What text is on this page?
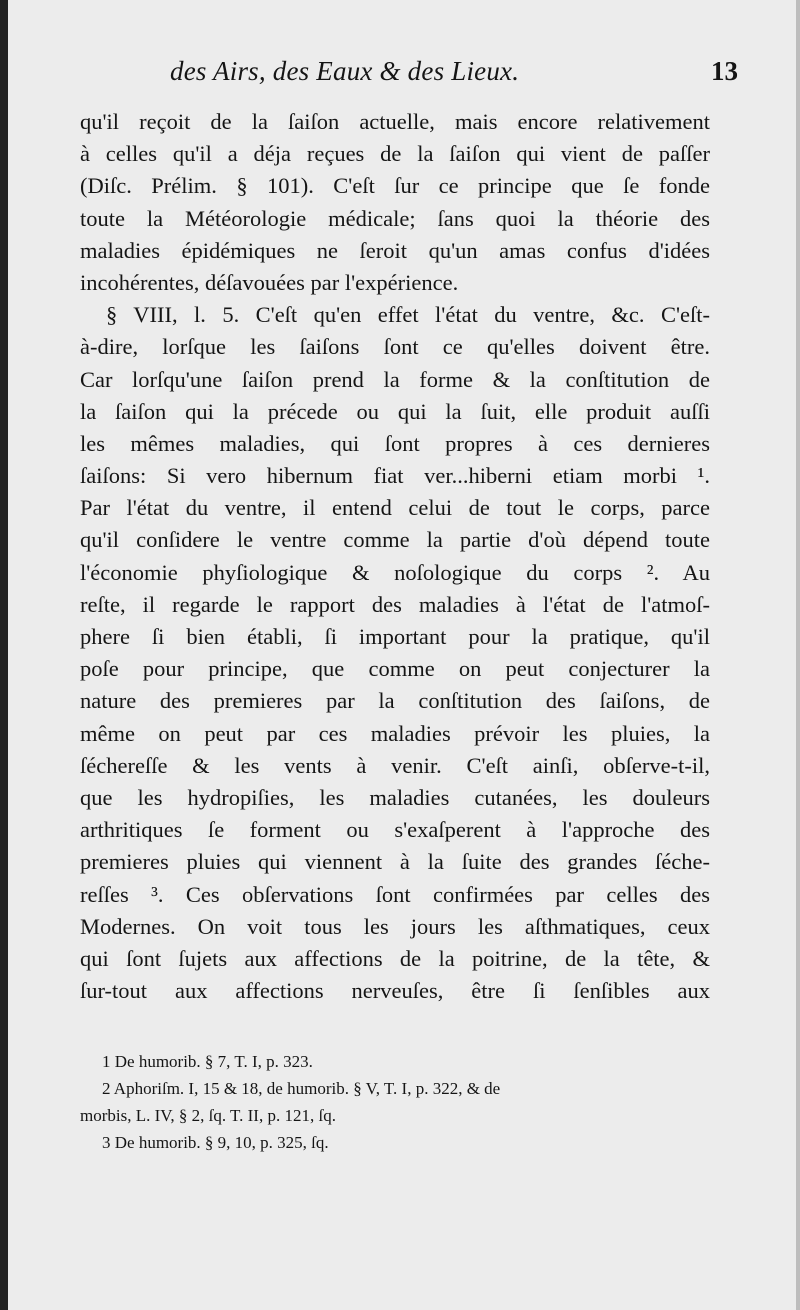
des Airs, des Eaux & des Lieux.	13
qu'il reçoit de la ſaiſon actuelle, mais encore relativement
à celles qu'il a déja reçues de la ſaiſon qui vient de paſſer
(Diſc. Prélim. § 101). C'eſt ſur ce principe que ſe fonde
toute la Météorologie médicale; ſans quoi la théorie des
maladies épidémiques ne ſeroit qu'un amas confus d'idées
incohérentes, déſavouées par l'expérience.
§ VIII, l. 5. C'eſt qu'en effet l'état du ventre, &c. C'eſt-
à-dire, lorſque les ſaiſons ſont ce qu'elles doivent être.
Car lorſqu'une ſaiſon prend la forme & la conſtitution de
la ſaiſon qui la précede ou qui la ſuit, elle produit auſſi
les mêmes maladies, qui ſont propres à ces dernieres
ſaiſons: Si vero hibernum fiat ver...hiberni etiam morbi ¹.
Par l'état du ventre, il entend celui de tout le corps, parce
qu'il conſidere le ventre comme la partie d'où dépend toute
l'économie phyſiologique & noſologique du corps ². Au
reſte, il regarde le rapport des maladies à l'état de l'atmoſ-
phere ſi bien établi, ſi important pour la pratique, qu'il
poſe pour principe, que comme on peut conjecturer la
nature des premieres par la conſtitution des ſaiſons, de
même on peut par ces maladies prévoir les pluies, la
ſéchereſſe & les vents à venir. C'eſt ainſi, obſerve-t-il,
que les hydropiſies, les maladies cutanées, les douleurs
arthritiques ſe forment ou s'exaſperent à l'approche des
premieres pluies qui viennent à la ſuite des grandes ſéche-
reſſes ³. Ces obſervations ſont confirmées par celles des
Modernes. On voit tous les jours les aſthmatiques, ceux
qui ſont ſujets aux affections de la poitrine, de la tête, &
ſur-tout aux affections nerveuſes, être ſi ſenſibles aux
1 De humorib. § 7, T. I, p. 323.
2 Aphoriſm. I, 15 & 18, de humorib. § V, T. I, p. 322, & de
morbis, L. IV, § 2, ſq. T. II, p. 121, ſq.
3 De humorib. § 9, 10, p. 325, ſq.
